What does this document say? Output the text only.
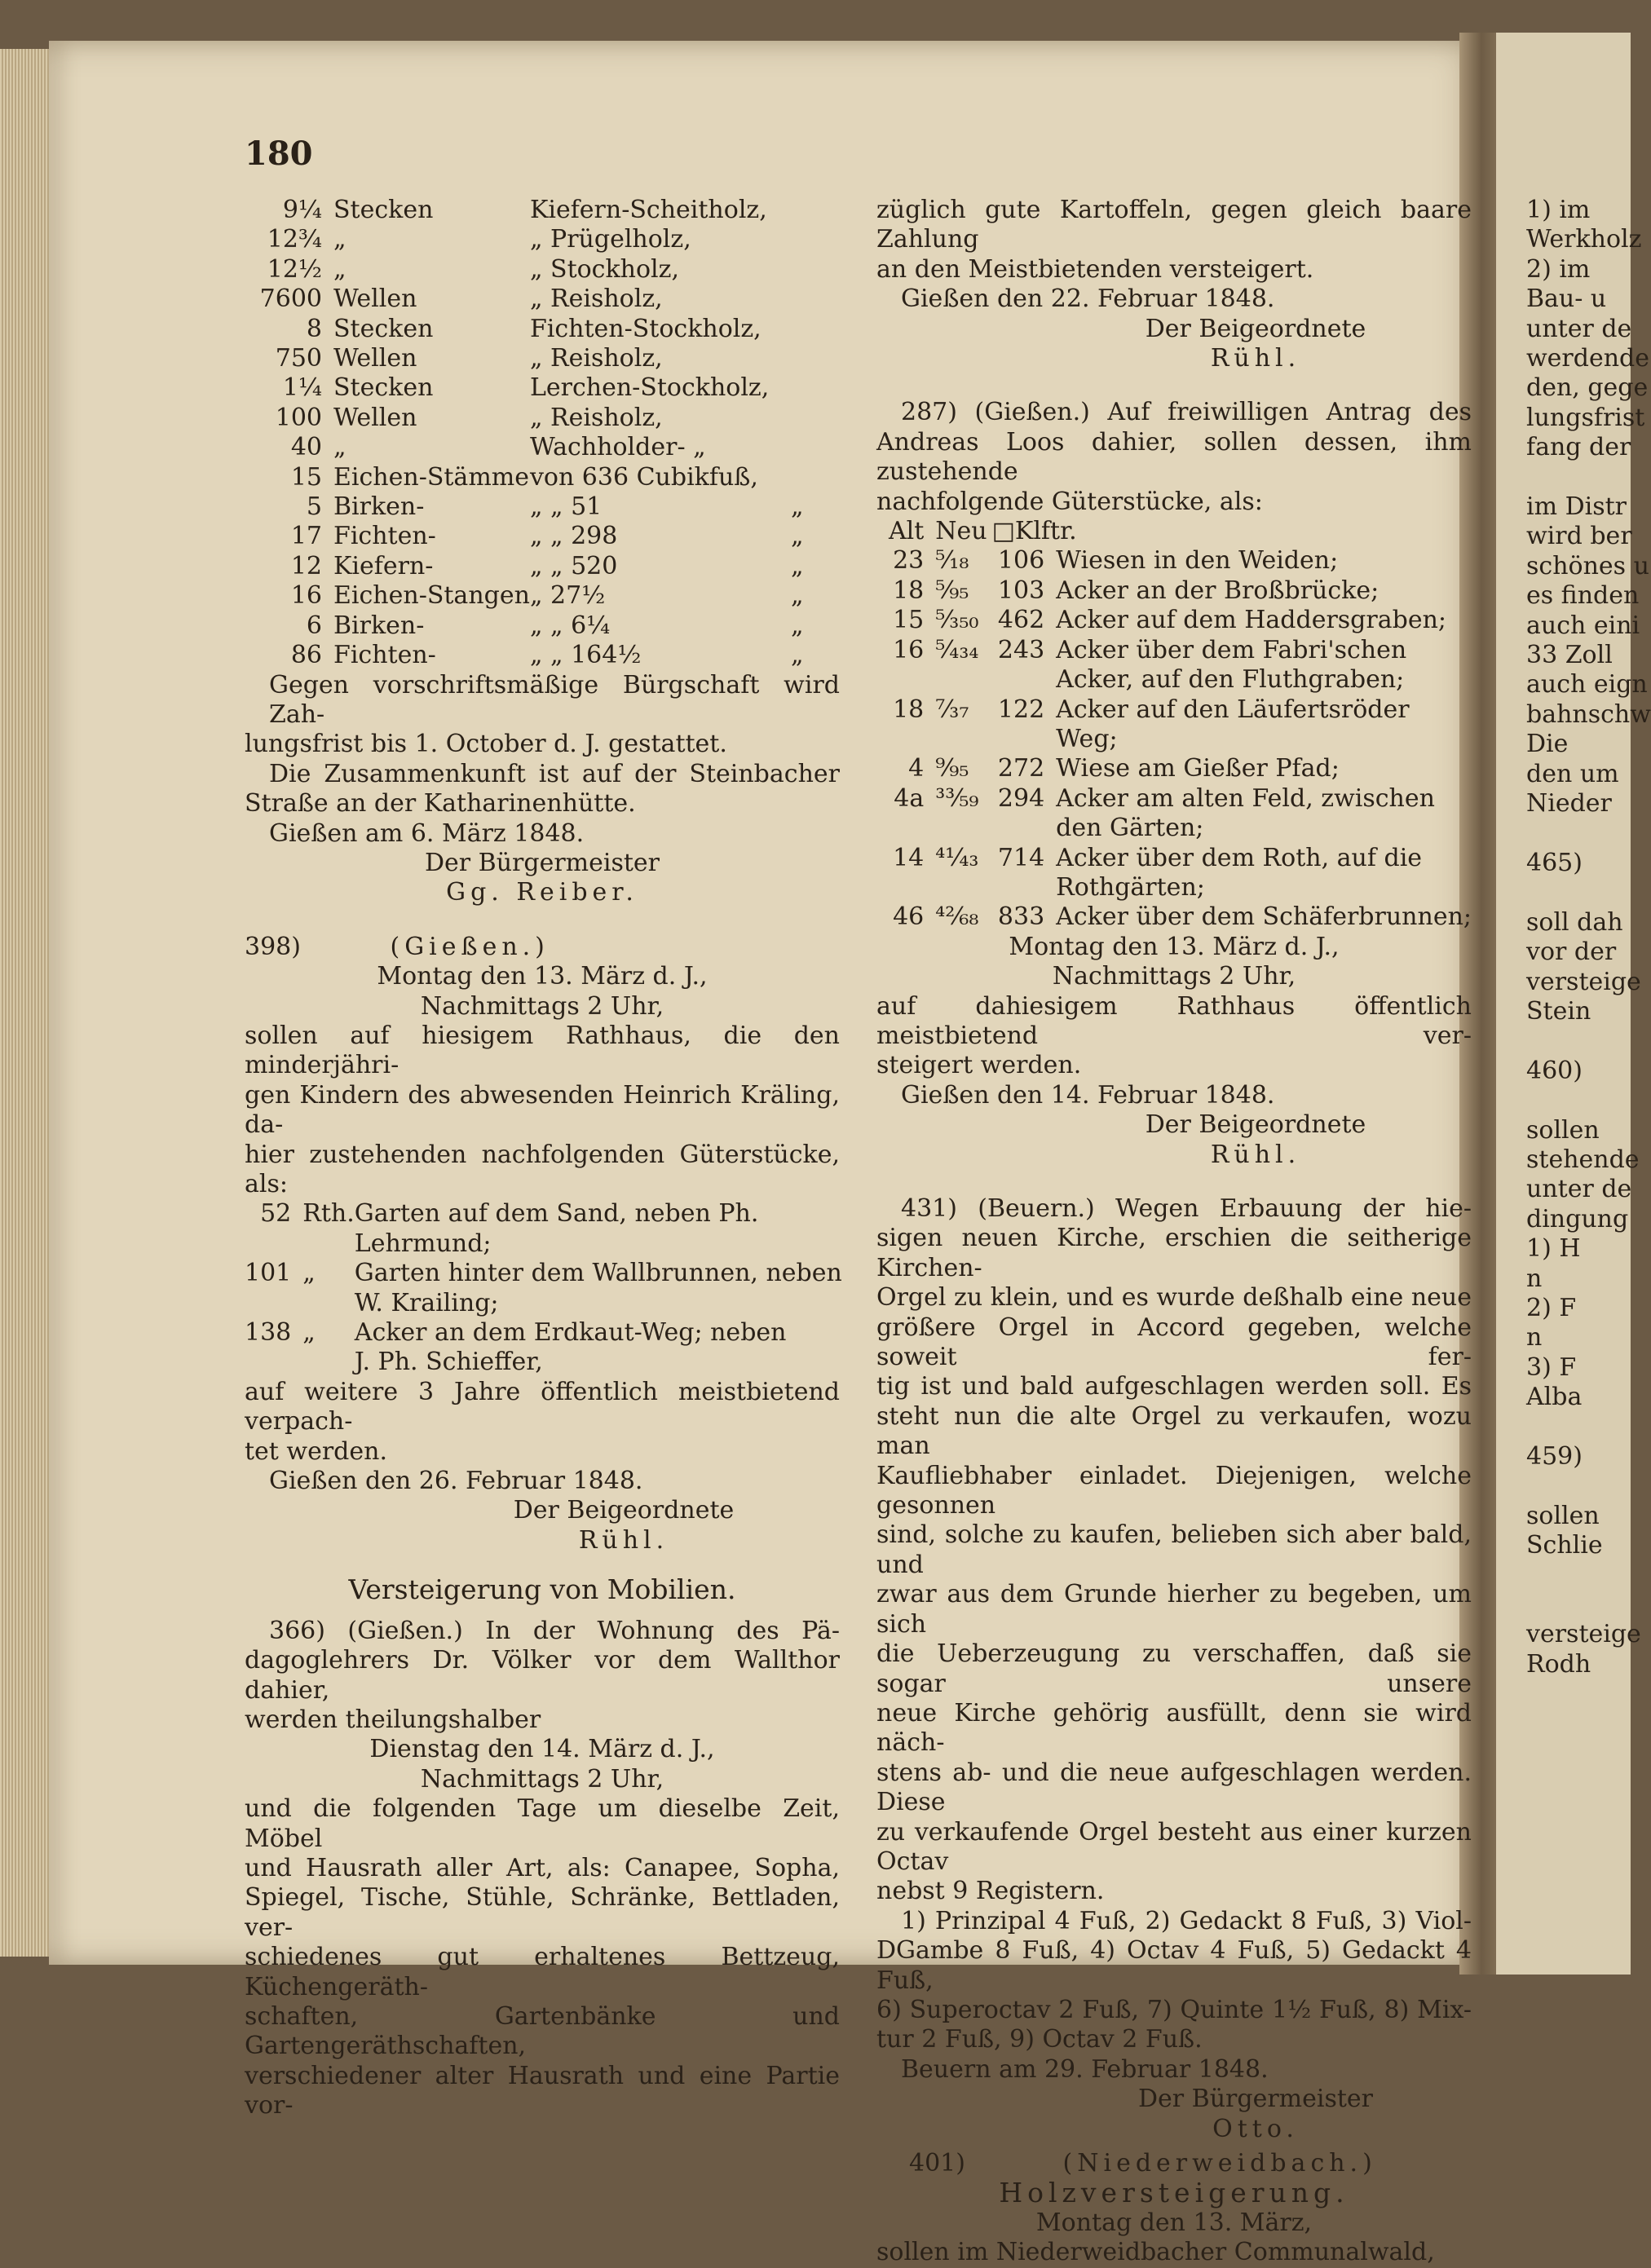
180
9¼	Stecken	Kiefern-Scheitholz,	
12¾	„	„ Prügelholz,	
12½	„	„ Stockholz,	
7600	Wellen	„ Reisholz,	
8	Stecken	Fichten-Stockholz,	
750	Wellen	„ Reisholz,	
1¼	Stecken	Lerchen-Stockholz,	
100	Wellen	„ Reisholz,	
40	„	Wachholder- „	
15	Eichen-Stämme	von 636 Cubikfuß,	
5	Birken-	„ „ 51	„
17	Fichten-	„ „ 298	„
12	Kiefern-	„ „ 520	„
16	Eichen-Stangen	„ 27½	„
6	Birken-	„ „ 6¼	„
86	Fichten-	„ „ 164½	„
Gegen vorschriftsmäßige Bürgschaft wird Zah-
lungsfrist bis 1. October d. J. gestattet.
Die Zusammenkunft ist auf der Steinbacher
Straße an der Katharinenhütte.
Gießen am 6. März 1848.
Der Bürgermeister
Gg. Reiber.
398)	(Gießen.)
Montag den 13. März d. J.,
Nachmittags 2 Uhr,
sollen auf hiesigem Rathhaus, die den minderjähri-
gen Kindern des abwesenden Heinrich Kräling, da-
hier zustehenden nachfolgenden Güterstücke, als:
52	Rth.	Garten auf dem Sand, neben Ph.
		Lehrmund;
101	„	Garten hinter dem Wallbrunnen, neben
		W. Krailing;
138	„	Acker an dem Erdkaut-Weg; neben
		J. Ph. Schieffer,
auf weitere 3 Jahre öffentlich meistbietend verpach-
tet werden.
Gießen den 26. Februar 1848.
Der Beigeordnete
Rühl.
Versteigerung von Mobilien.
366) (Gießen.) In der Wohnung des Pä-
dagoglehrers Dr. Völker vor dem Wallthor dahier,
werden theilungshalber
Dienstag den 14. März d. J.,
Nachmittags 2 Uhr,
und die folgenden Tage um dieselbe Zeit, Möbel
und Hausrath aller Art, als: Canapee, Sopha,
Spiegel, Tische, Stühle, Schränke, Bettladen, ver-
schiedenes gut erhaltenes Bettzeug, Küchengeräth-
schaften, Gartenbänke und Gartengeräthschaften,
verschiedener alter Hausrath und eine Partie vor-
züglich gute Kartoffeln, gegen gleich baare Zahlung
an den Meistbietenden versteigert.
Gießen den 22. Februar 1848.
Der Beigeordnete
Rühl.
287) (Gießen.) Auf freiwilligen Antrag des
Andreas Loos dahier, sollen dessen, ihm zustehende
nachfolgende Güterstücke, als:
Alt	Neu	□Klftr.	
23	⁵⁄₁₈	106	Wiesen in den Weiden;
18	⁵⁄₉₅	103	Acker an der Broßbrücke;
15	⁵⁄₃₅₀	462	Acker auf dem Haddersgraben;
16	⁵⁄₄₃₄	243	Acker über dem Fabri'schen
			Acker, auf den Fluthgraben;
18	⁷⁄₃₇	122	Acker auf den Läufertsröder
			Weg;
4	⁹⁄₉₅	272	Wiese am Gießer Pfad;
4a	³³⁄₅₉	294	Acker am alten Feld, zwischen
			den Gärten;
14	⁴¹⁄₄₃	714	Acker über dem Roth, auf die
			Rothgärten;
46	⁴²⁄₆₈	833	Acker über dem Schäferbrunnen;
Montag den 13. März d. J.,
Nachmittags 2 Uhr,
auf dahiesigem Rathhaus öffentlich meistbietend ver-
steigert werden.
Gießen den 14. Februar 1848.
Der Beigeordnete
Rühl.
431) (Beuern.) Wegen Erbauung der hie-
sigen neuen Kirche, erschien die seitherige Kirchen-
Orgel zu klein, und es wurde deßhalb eine neue
größere Orgel in Accord gegeben, welche soweit fer-
tig ist und bald aufgeschlagen werden soll. Es
steht nun die alte Orgel zu verkaufen, wozu man
Kaufliebhaber einladet. Diejenigen, welche gesonnen
sind, solche zu kaufen, belieben sich aber bald, und
zwar aus dem Grunde hierher zu begeben, um sich
die Ueberzeugung zu verschaffen, daß sie sogar unsere
neue Kirche gehörig ausfüllt, denn sie wird näch-
stens ab- und die neue aufgeschlagen werden. Diese
zu verkaufende Orgel besteht aus einer kurzen Octav
nebst 9 Registern.
1) Prinzipal 4 Fuß, 2) Gedackt 8 Fuß, 3) Viol-
DGambe 8 Fuß, 4) Octav 4 Fuß, 5) Gedackt 4 Fuß,
6) Superoctav 2 Fuß, 7) Quinte 1½ Fuß, 8) Mix-
tur 2 Fuß, 9) Octav 2 Fuß.
Beuern am 29. Februar 1848.
Der Bürgermeister
Otto.
401)	(Niederweidbach.)
Holzversteigerung.
Montag den 13. März,
sollen im Niederweidbacher Communalwald,
1) im
Werkholz
2) im
Bau- u
unter de
werdende
den, gege
lungsfrist
fang der
im Distr
wird ber
schönes u
es finden
auch eini
33 Zoll
auch eign
bahnschw
Die
den um
Nieder
465)
soll dah
vor der
versteige
Stein
460)
sollen
stehende
unter de
dingung
1) H
n
2) F
n
3) F
Alba
459)
sollen
Schlie
versteige
Rodh
